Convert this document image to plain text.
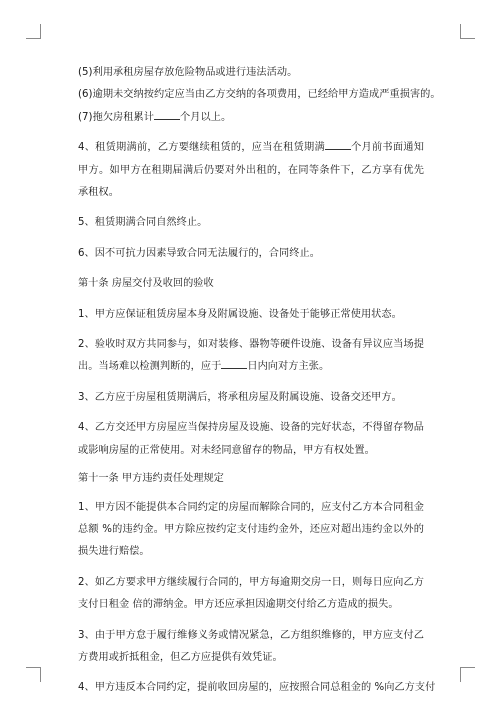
(5)利用承租房屋存放危险物品或进行违法活动。

(6)逾期未交纳按约定应当由乙方交纳的各项费用，已经给甲方造成严重损害的。

(7)拖欠房租累计	个月以上。

4、租赁期满前，乙方要继续租赁的，应当在租赁期满	个月前书面通知甲方。如甲方在租期届满后仍要对外出租的，在同等条件下，乙方享有优先承租权。

5、租赁期满合同自然终止。

6、因不可抗力因素导致合同无法履行的，合同终止。

第十条 房屋交付及收回的验收

1、甲方应保证租赁房屋本身及附属设施、设备处于能够正常使用状态。

2、验收时双方共同参与，如对装修、器物等硬件设施、设备有异议应当场提出。当场难以检测判断的，应于	日内向对方主张。

3、乙方应于房屋租赁期满后，将承租房屋及附属设施、设备交还甲方。

4、乙方交还甲方房屋应当保持房屋及设施、设备的完好状态，不得留存物品或影响房屋的正常使用。对未经同意留存的物品，甲方有权处置。

第十一条 甲方违约责任处理规定

1、甲方因不能提供本合同约定的房屋而解除合同的，应支付乙方本合同租金总额 %的违约金。甲方除应按约定支付违约金外，还应对超出违约金以外的损失进行赔偿。

2、如乙方要求甲方继续履行合同的，甲方每逾期交房一日，则每日应向乙方支付日租金 倍的滞纳金。甲方还应承担因逾期交付给乙方造成的损失。

3、由于甲方怠于履行维修义务或情况紧急，乙方组织维修的，甲方应支付乙方费用或折抵租金，但乙方应提供有效凭证。

4、甲方违反本合同约定，提前收回房屋的，应按照合同总租金的 %向乙方支付
